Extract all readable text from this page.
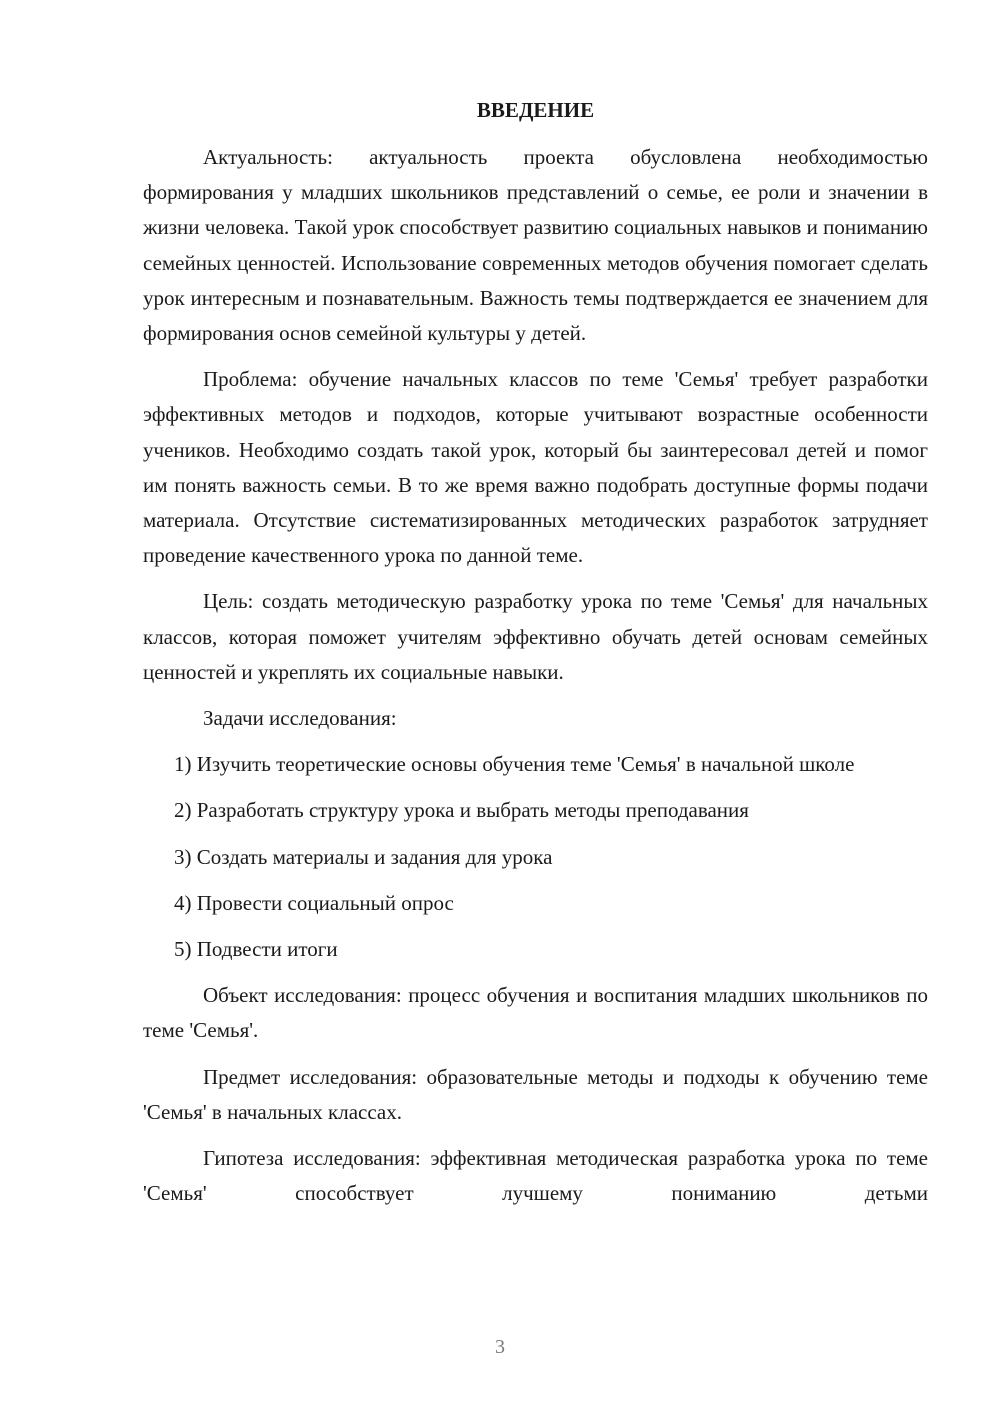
ВВЕДЕНИЕ

Актуальность: актуальность проекта обусловлена необходимостью формирования у младших школьников представлений о семье, ее роли и значении в жизни человека. Такой урок способствует развитию социальных навыков и пониманию семейных ценностей. Использование современных методов обучения помогает сделать урок интересным и познавательным. Важность темы подтверждается ее значением для формирования основ семейной культуры у детей.

Проблема: обучение начальных классов по теме 'Семья' требует разработки эффективных методов и подходов, которые учитывают возрастные особенности учеников. Необходимо создать такой урок, который бы заинтересовал детей и помог им понять важность семьи. В то же время важно подобрать доступные формы подачи материала. Отсутствие систематизированных методических разработок затрудняет проведение качественного урока по данной теме.

Цель: создать методическую разработку урока по теме 'Семья' для начальных классов, которая поможет учителям эффективно обучать детей основам семейных ценностей и укреплять их социальные навыки.

Задачи исследования:

1) Изучить теоретические основы обучения теме 'Семья' в начальной школе

2) Разработать структуру урока и выбрать методы преподавания

3) Создать материалы и задания для урока

4) Провести социальный опрос

5) Подвести итоги

Объект исследования: процесс обучения и воспитания младших школьников по теме 'Семья'.

Предмет исследования: образовательные методы и подходы к обучению теме 'Семья' в начальных классах.

Гипотеза исследования: эффективная методическая разработка урока по теме 'Семья' способствует лучшему пониманию детьми

3
